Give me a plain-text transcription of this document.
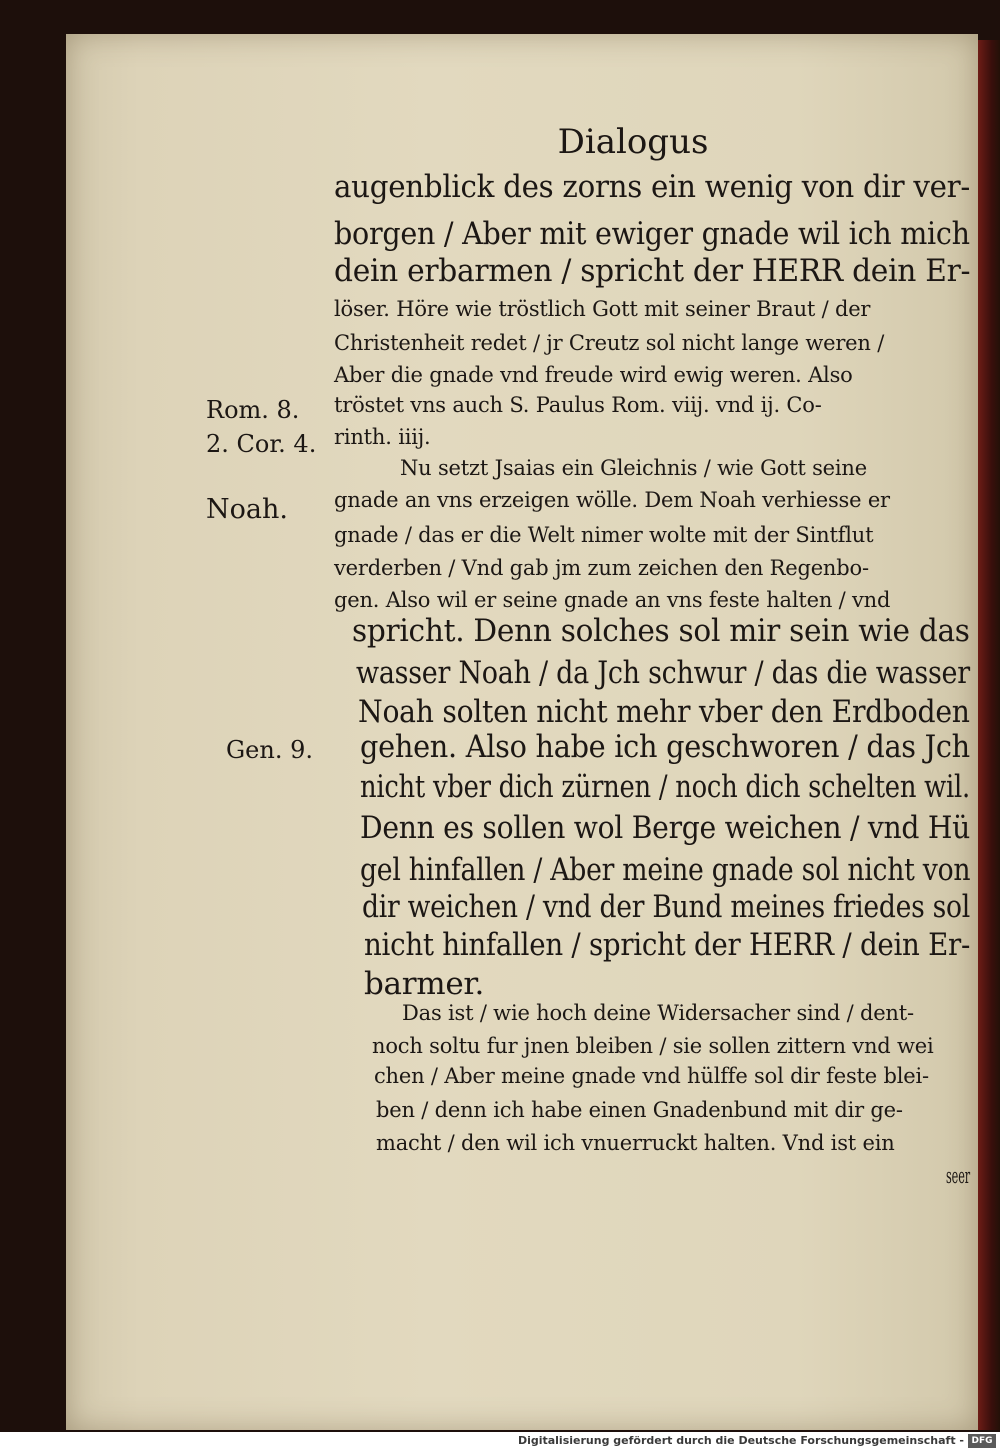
Dialogus
augenblick des zorns ein wenig von dir ver-
borgen / Aber mit ewiger gnade wil ich mich
dein erbarmen / spricht der HERR dein Er-
löser. Höre wie tröstlich Gott mit seiner Braut / der
Christenheit redet / jr Creutz sol nicht lange weren /
Aber die gnade vnd freude wird ewig weren. Also
tröstet vns auch S. Paulus Rom. viij. vnd ij. Co-
rinth. iiij.
Nu setzt Jsaias ein Gleichnis / wie Gott seine
gnade an vns erzeigen wölle. Dem Noah verhiesse er
gnade / das er die Welt nimer wolte mit der Sintflut
verderben / Vnd gab jm zum zeichen den Regenbo-
gen. Also wil er seine gnade an vns feste halten / vnd
spricht. Denn solches sol mir sein wie das
wasser Noah / da Jch schwur / das die wasser
Noah solten nicht mehr vber den Erdboden
gehen. Also habe ich geschworen / das Jch
nicht vber dich zürnen / noch dich schelten wil.
Denn es sollen wol Berge weichen / vnd Hü
gel hinfallen / Aber meine gnade sol nicht von
dir weichen / vnd der Bund meines friedes sol
nicht hinfallen / spricht der HERR / dein Er-
barmer.
Das ist / wie hoch deine Widersacher sind / dent-
noch soltu fur jnen bleiben / sie sollen zittern vnd wei
chen / Aber meine gnade vnd hülffe sol dir feste blei-
ben / denn ich habe einen Gnadenbund mit dir ge-
macht / den wil ich vnuerruckt halten. Vnd ist ein
seer
Rom. 8.
2. Cor. 4.
Noah.
Gen. 9.
Digitalisierung gefördert durch die Deutsche Forschungsgemeinschaft - DFG
